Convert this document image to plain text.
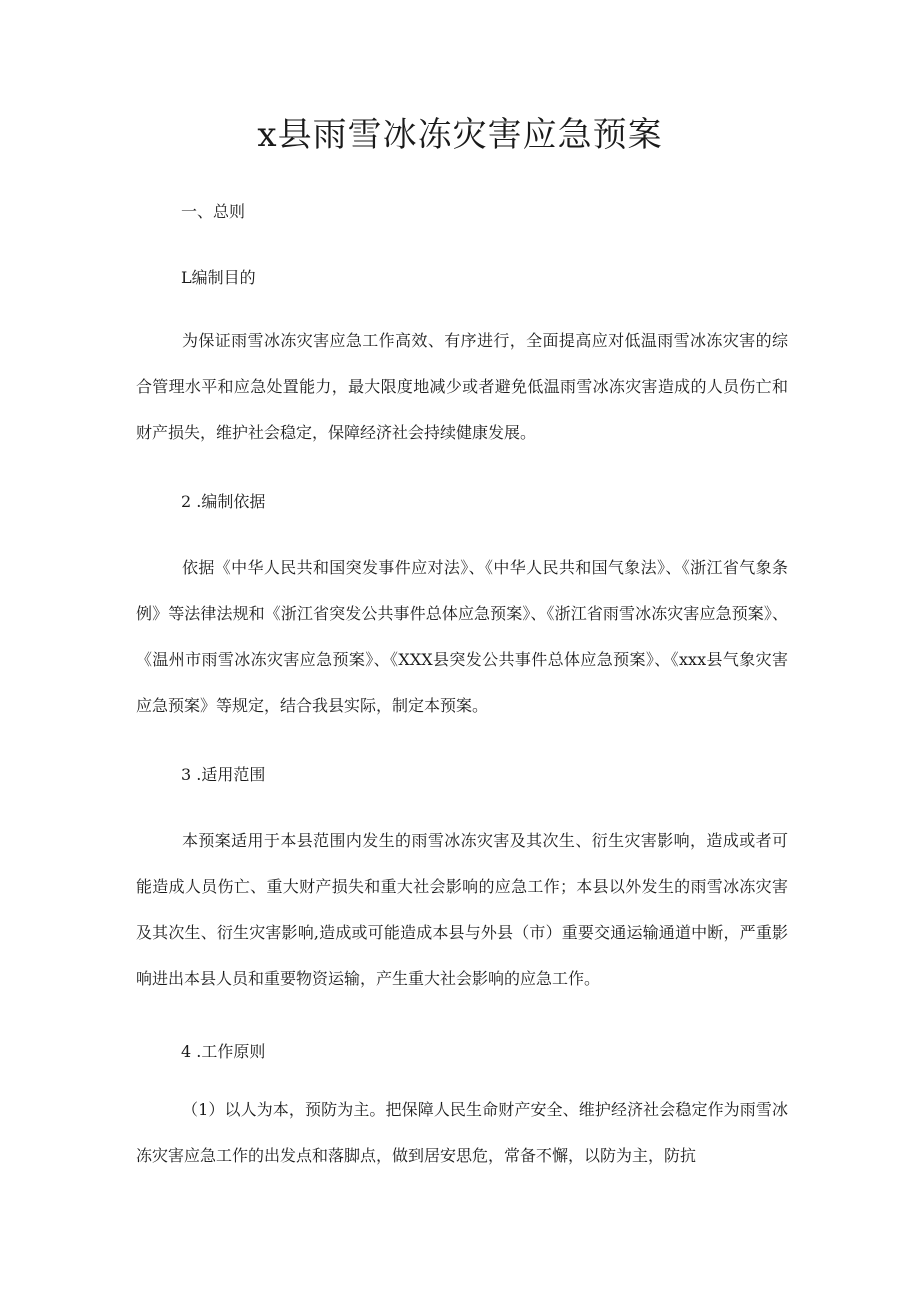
x县雨雪冰冻灾害应急预案

一、总则

L编制目的

为保证雨雪冰冻灾害应急工作高效、有序进行，全面提高应对低温雨雪冰冻灾害的综合管理水平和应急处置能力，最大限度地减少或者避免低温雨雪冰冻灾害造成的人员伤亡和财产损失，维护社会稳定，保障经济社会持续健康发展。

2 .编制依据

依据《中华人民共和国突发事件应对法》、《中华人民共和国气象法》、《浙江省气象条例》等法律法规和《浙江省突发公共事件总体应急预案》、《浙江省雨雪冰冻灾害应急预案》、《温州市雨雪冰冻灾害应急预案》、《XXX县突发公共事件总体应急预案》、《xxx县气象灾害应急预案》等规定，结合我县实际，制定本预案。

3 .适用范围

本预案适用于本县范围内发生的雨雪冰冻灾害及其次生、衍生灾害影响，造成或者可能造成人员伤亡、重大财产损失和重大社会影响的应急工作；本县以外发生的雨雪冰冻灾害及其次生、衍生灾害影响,造成或可能造成本县与外县（市）重要交通运输通道中断，严重影响进出本县人员和重要物资运输，产生重大社会影响的应急工作。

4 .工作原则

（1）以人为本，预防为主。把保障人民生命财产安全、维护经济社会稳定作为雨雪冰冻灾害应急工作的出发点和落脚点，做到居安思危，常备不懈，以防为主，防抗
